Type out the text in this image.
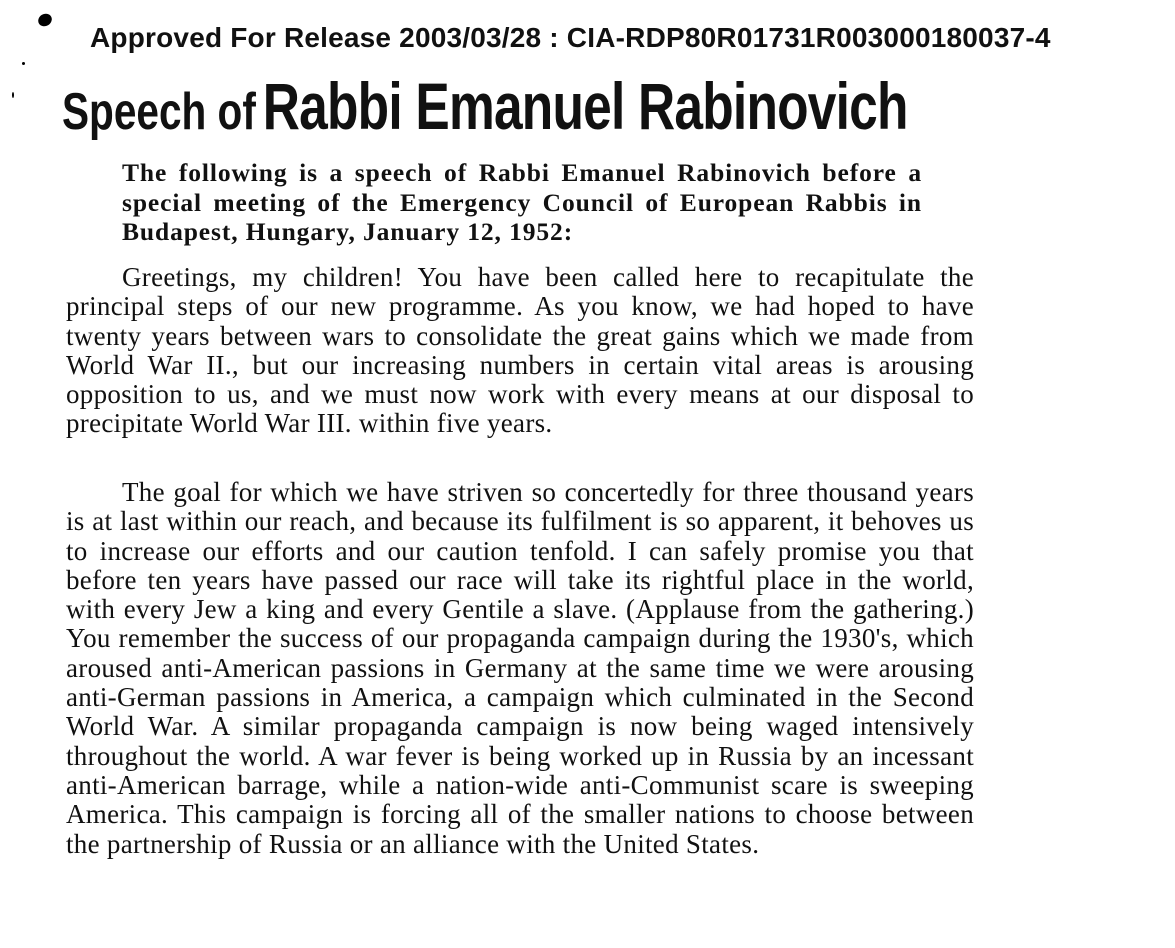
Approved For Release 2003/03/28 : CIA-RDP80R01731R003000180037-4
Speech of Rabbi Emanuel Rabinovich
The following is a speech of Rabbi Emanuel Rabinovich before a special meeting of the Emergency Council of European Rabbis in Budapest, Hungary, January 12, 1952:

Greetings, my children! You have been called here to recapitulate the principal steps of our new programme. As you know, we had hoped to have twenty years between wars to consolidate the great gains which we made from World War II., but our increasing numbers in certain vital areas is arousing opposition to us, and we must now work with every means at our disposal to precipitate World War III. within five years.

The goal for which we have striven so concertedly for three thousand years is at last within our reach, and because its fulfilment is so apparent, it behoves us to increase our efforts and our caution tenfold. I can safely promise you that before ten years have passed our race will take its rightful place in the world, with every Jew a king and every Gentile a slave. (Applause from the gathering.) You remember the success of our propaganda campaign during the 1930's, which aroused anti-American passions in Germany at the same time we were arousing anti-German passions in America, a campaign which culminated in the Second World War. A similar propaganda campaign is now being waged intensively throughout the world. A war fever is being worked up in Russia by an incessant anti-American barrage, while a nation-wide anti-Communist scare is sweeping America. This campaign is forcing all of the smaller nations to choose between the partnership of Russia or an alliance with the United States.
